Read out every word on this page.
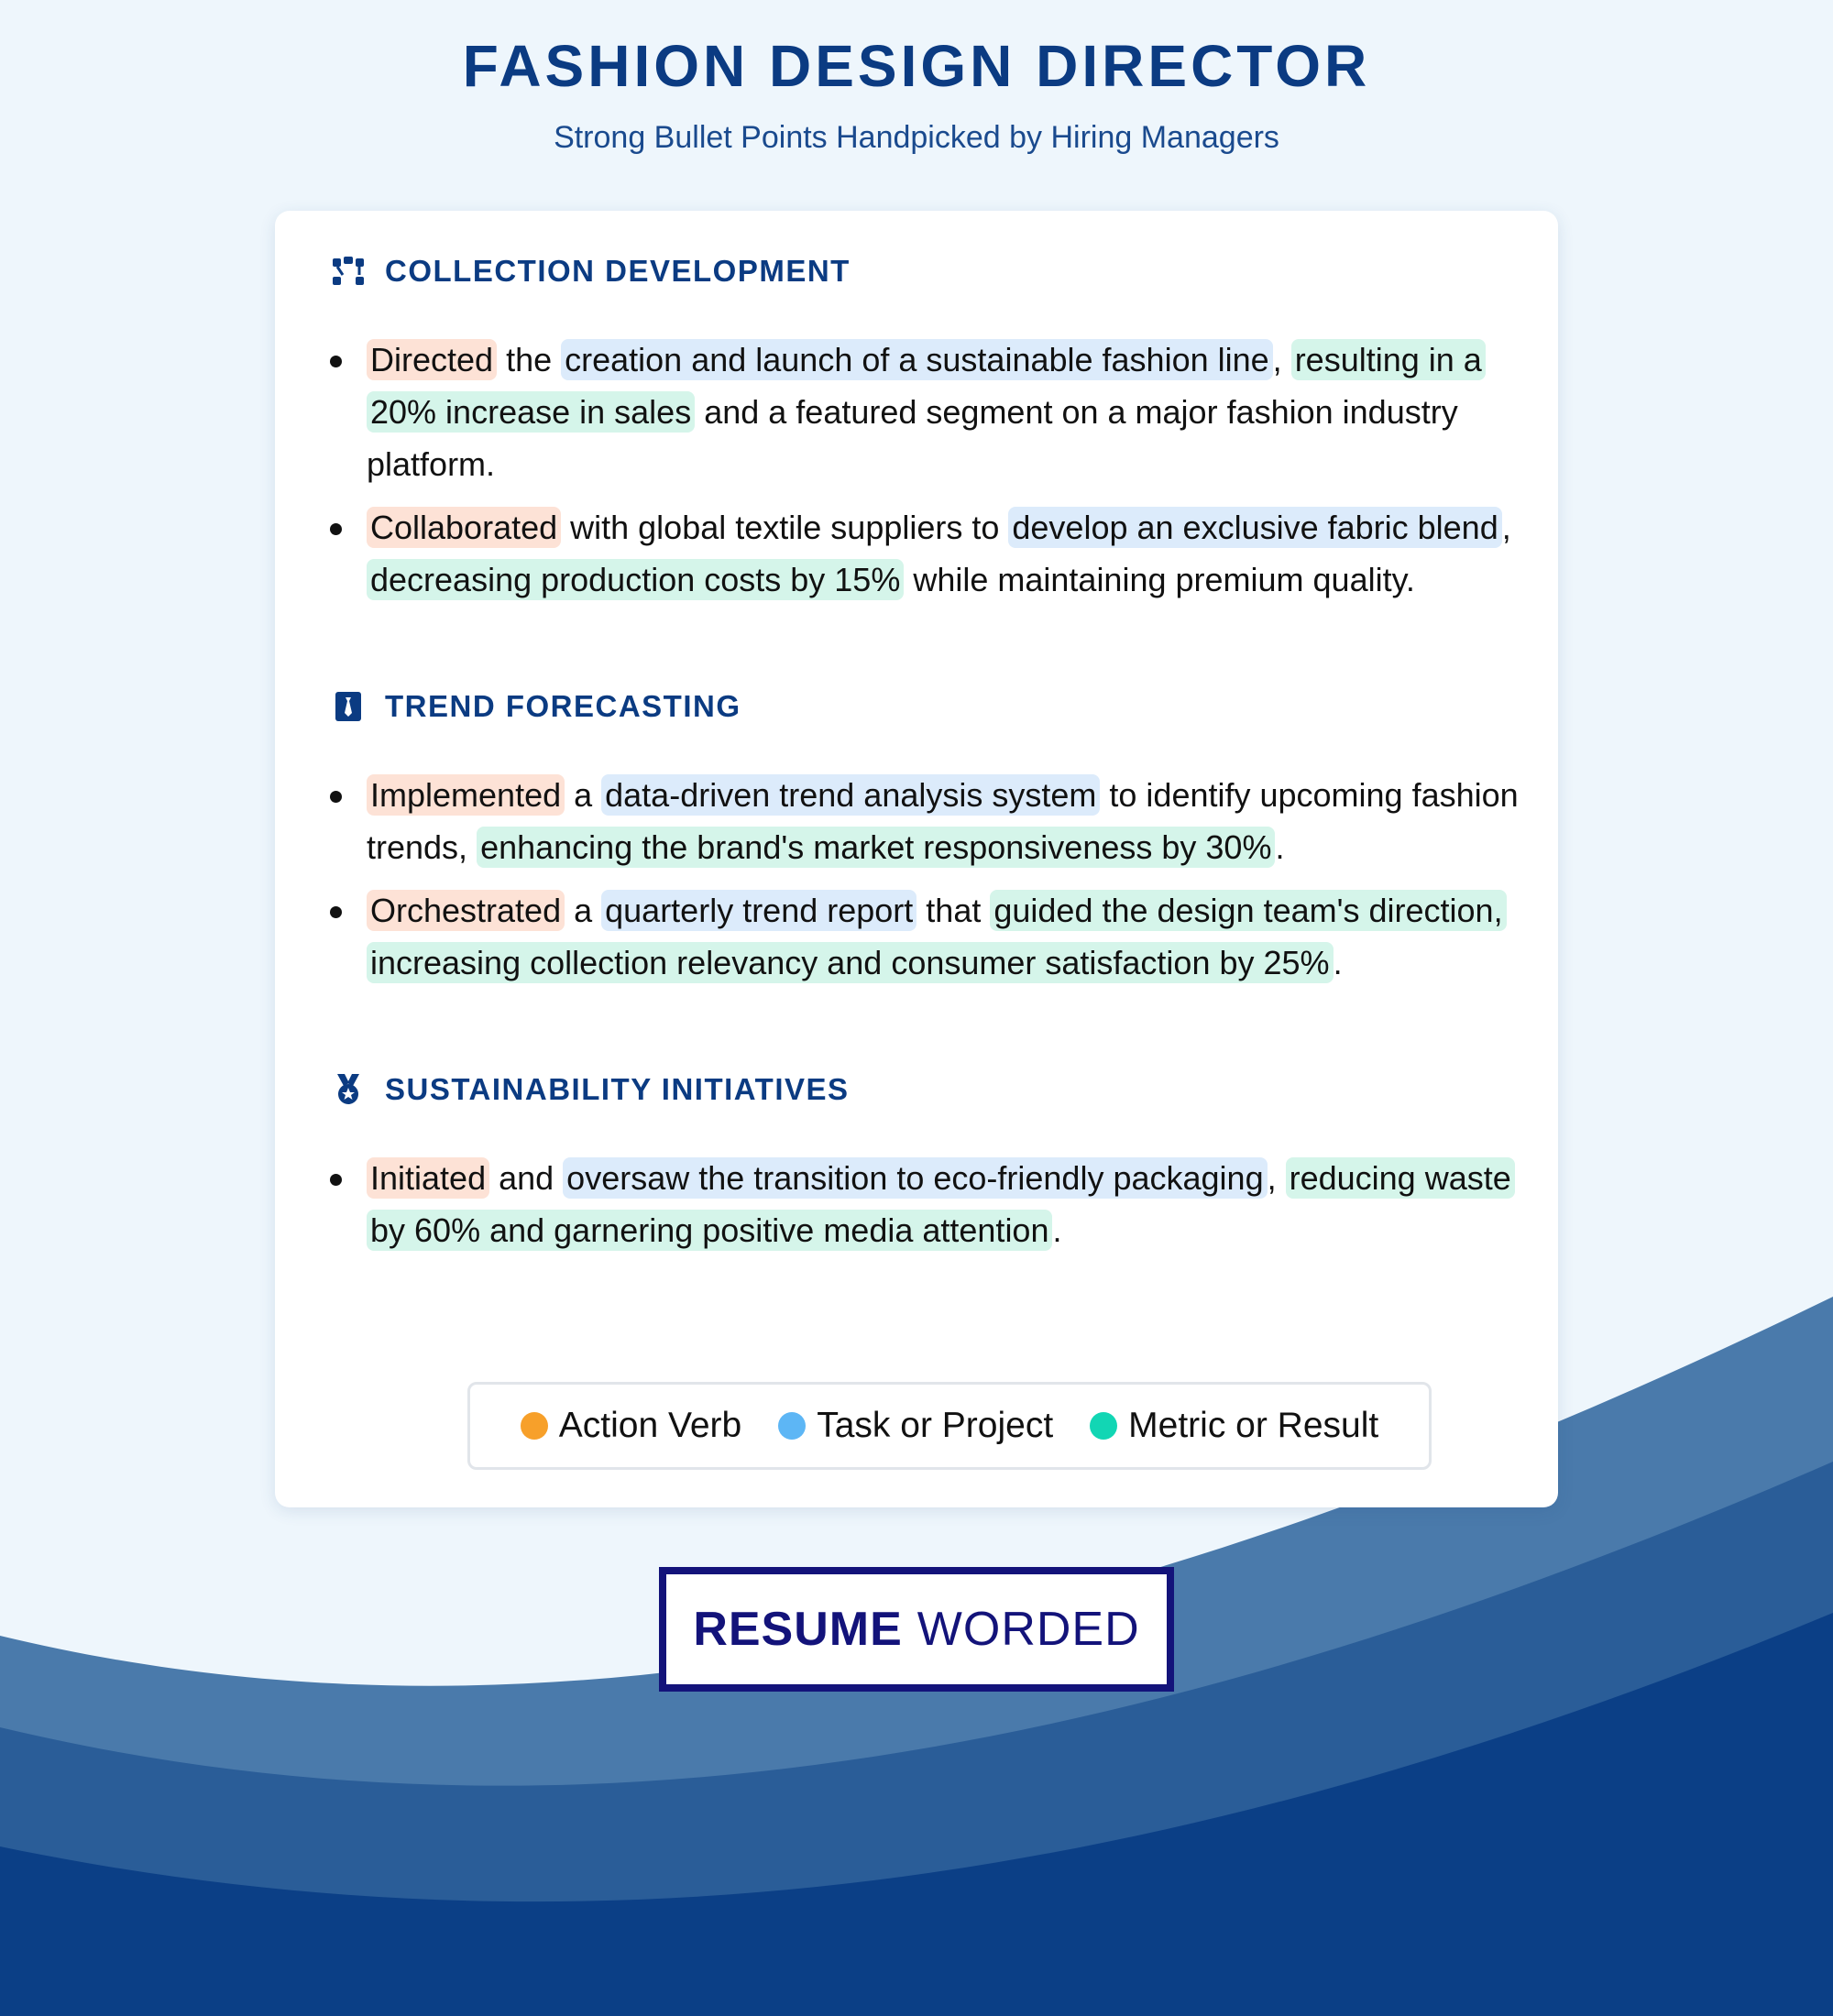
FASHION DESIGN DIRECTOR
Strong Bullet Points Handpicked by Hiring Managers
COLLECTION DEVELOPMENT
Directed the creation and launch of a sustainable fashion line , resulting in a 20% increase in sales and a featured segment on a major fashion industry platform.
Collaborated with global textile suppliers to develop an exclusive fabric blend , decreasing production costs by 15% while maintaining premium quality.
TREND FORECASTING
Implemented a data-driven trend analysis system to identify upcoming fashion trends, enhancing the brand's market responsiveness by 30% .
Orchestrated a quarterly trend report that guided the design team's direction, increasing collection relevancy and consumer satisfaction by 25% .
SUSTAINABILITY INITIATIVES
Initiated and oversaw the transition to eco-friendly packaging , reducing waste by 60% and garnering positive media attention .
Action Verb Task or Project Metric or Result
RESUME WORDED
